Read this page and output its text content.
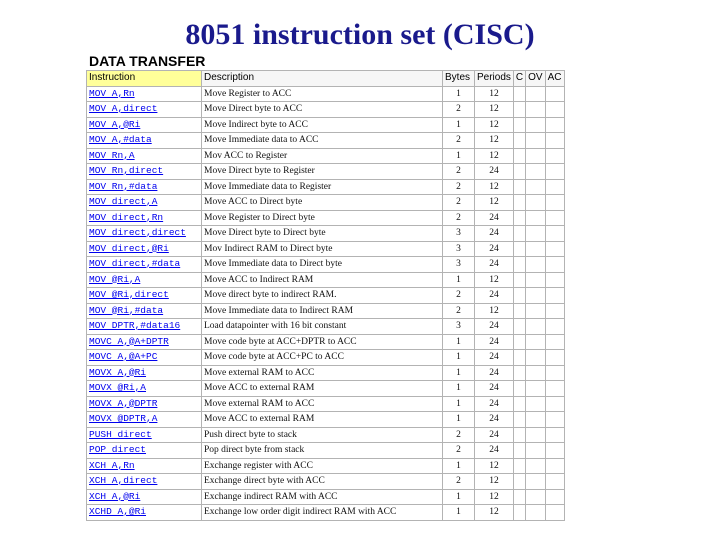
8051 instruction set (CISC)
DATA TRANSFER
Instruction	Description	Bytes	Periods	C	OV	AC
MOV A,Rn	Move Register to ACC	1	12			
MOV A,direct	Move Direct byte to ACC	2	12			
MOV A,@Ri	Move Indirect byte to ACC	1	12			
MOV A,#data	Move Immediate data to ACC	2	12			
MOV Rn,A	Mov ACC to Register	1	12			
MOV Rn,direct	Move Direct byte to Register	2	24			
MOV Rn,#data	Move Immediate data to Register	2	12			
MOV direct,A	Move ACC to Direct byte	2	12			
MOV direct,Rn	Move Register to Direct byte	2	24			
MOV direct,direct	Move Direct byte to Direct byte	3	24			
MOV direct,@Ri	Mov Indirect RAM to Direct byte	3	24			
MOV direct,#data	Move Immediate data to Direct byte	3	24			
MOV @Ri,A	Move ACC to Indirect RAM	1	12			
MOV @Ri,direct	Move direct byte to indirect RAM.	2	24			
MOV @Ri,#data	Move Immediate data to Indirect RAM	2	12			
MOV DPTR,#data16	Load datapointer with 16 bit constant	3	24			
MOVC A,@A+DPTR	Move code byte at ACC+DPTR to ACC	1	24			
MOVC A,@A+PC	Move code byte at ACC+PC to ACC	1	24			
MOVX A,@Ri	Move external RAM to ACC	1	24			
MOVX @Ri,A	Move ACC to external RAM	1	24			
MOVX A,@DPTR	Move external RAM to ACC	1	24			
MOVX @DPTR,A	Move ACC to external RAM	1	24			
PUSH direct	Push direct byte to stack	2	24			
POP direct	Pop direct byte from stack	2	24			
XCH A,Rn	Exchange register with ACC	1	12			
XCH A,direct	Exchange direct byte with ACC	2	12			
XCH A,@Ri	Exchange indirect RAM with ACC	1	12			
XCHD A,@Ri	Exchange low order digit indirect RAM with ACC	1	12			
